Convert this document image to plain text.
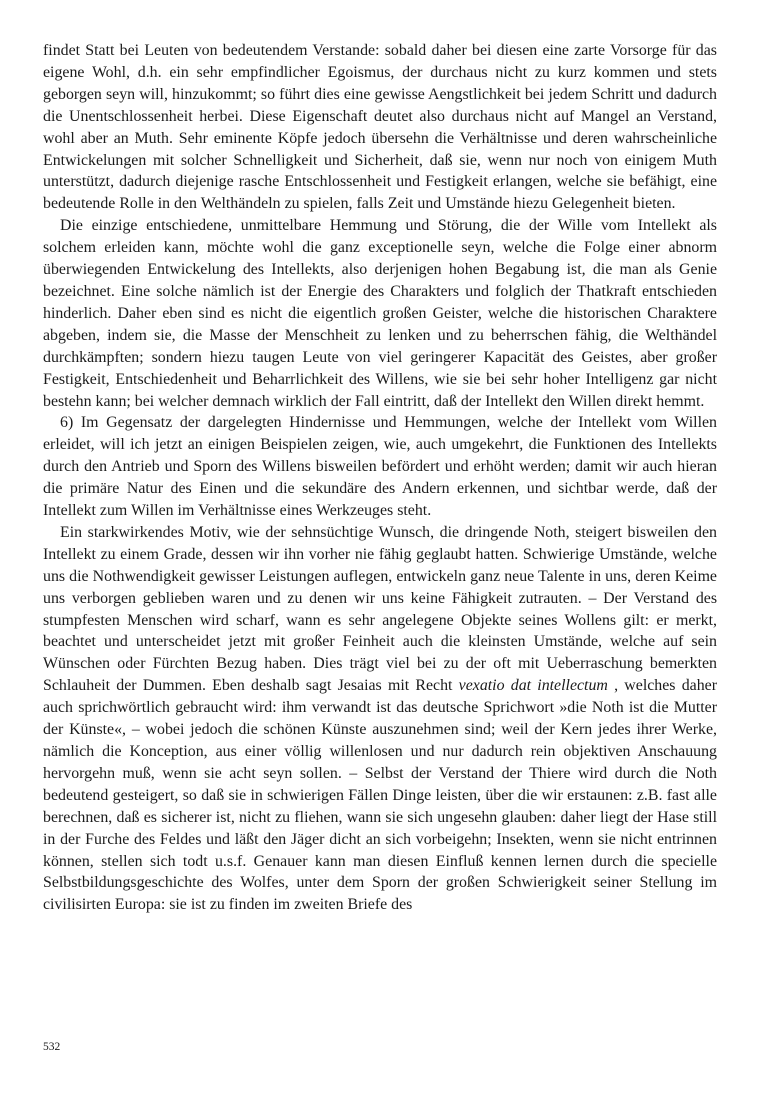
findet Statt bei Leuten von bedeutendem Verstande: sobald daher bei diesen eine zarte Vorsorge für das eigene Wohl, d.h. ein sehr empfindlicher Egoismus, der durchaus nicht zu kurz kommen und stets geborgen seyn will, hinzukommt; so führt dies eine gewisse Aengstlichkeit bei jedem Schritt und dadurch die Unentschlossenheit herbei. Diese Eigenschaft deutet also durchaus nicht auf Mangel an Verstand, wohl aber an Muth. Sehr eminente Köpfe jedoch übersehn die Verhältnisse und deren wahrscheinliche Entwickelungen mit solcher Schnelligkeit und Sicherheit, daß sie, wenn nur noch von einigem Muth unterstützt, dadurch diejenige rasche Entschlossenheit und Festigkeit erlangen, welche sie befähigt, eine bedeutende Rolle in den Welthändeln zu spielen, falls Zeit und Umstände hiezu Gelegenheit bieten.

Die einzige entschiedene, unmittelbare Hemmung und Störung, die der Wille vom Intellekt als solchem erleiden kann, möchte wohl die ganz exceptionelle seyn, welche die Folge einer abnorm überwiegenden Entwickelung des Intellekts, also derjenigen hohen Begabung ist, die man als Genie bezeichnet. Eine solche nämlich ist der Energie des Charakters und folglich der Thatkraft entschieden hinderlich. Daher eben sind es nicht die eigentlich großen Geister, welche die historischen Charaktere abgeben, indem sie, die Masse der Menschheit zu lenken und zu beherrschen fähig, die Welthändel durchkämpften; sondern hiezu taugen Leute von viel geringerer Kapacität des Geistes, aber großer Festigkeit, Entschiedenheit und Beharrlichkeit des Willens, wie sie bei sehr hoher Intelligenz gar nicht bestehn kann; bei welcher demnach wirklich der Fall eintritt, daß der Intellekt den Willen direkt hemmt.

6) Im Gegensatz der dargelegten Hindernisse und Hemmungen, welche der Intellekt vom Willen erleidet, will ich jetzt an einigen Beispielen zeigen, wie, auch umgekehrt, die Funktionen des Intellekts durch den Antrieb und Sporn des Willens bisweilen befördert und erhöht werden; damit wir auch hieran die primäre Natur des Einen und die sekundäre des Andern erkennen, und sichtbar werde, daß der Intellekt zum Willen im Verhältnisse eines Werkzeuges steht.

Ein starkwirkendes Motiv, wie der sehnsüchtige Wunsch, die dringende Noth, steigert bisweilen den Intellekt zu einem Grade, dessen wir ihn vorher nie fähig geglaubt hatten. Schwierige Umstände, welche uns die Nothwendigkeit gewisser Leistungen auflegen, entwickeln ganz neue Talente in uns, deren Keime uns verborgen geblieben waren und zu denen wir uns keine Fähigkeit zutrauten. – Der Verstand des stumpfesten Menschen wird scharf, wann es sehr angelegene Objekte seines Wollens gilt: er merkt, beachtet und unterscheidet jetzt mit großer Feinheit auch die kleinsten Umstände, welche auf sein Wünschen oder Fürchten Bezug haben. Dies trägt viel bei zu der oft mit Ueberraschung bemerkten Schlauheit der Dummen. Eben deshalb sagt Jesaias mit Recht vexatio dat intellectum , welches daher auch sprichwörtlich gebraucht wird: ihm verwandt ist das deutsche Sprichwort »die Noth ist die Mutter der Künste«, – wobei jedoch die schönen Künste auszunehmen sind; weil der Kern jedes ihrer Werke, nämlich die Konception, aus einer völlig willenlosen und nur dadurch rein objektiven Anschauung hervorgehn muß, wenn sie acht seyn sollen. – Selbst der Verstand der Thiere wird durch die Noth bedeutend gesteigert, so daß sie in schwierigen Fällen Dinge leisten, über die wir erstaunen: z.B. fast alle berechnen, daß es sicherer ist, nicht zu fliehen, wann sie sich ungesehn glauben: daher liegt der Hase still in der Furche des Feldes und läßt den Jäger dicht an sich vorbeigehn; Insekten, wenn sie nicht entrinnen können, stellen sich todt u.s.f. Genauer kann man diesen Einfluß kennen lernen durch die specielle Selbstbildungsgeschichte des Wolfes, unter dem Sporn der großen Schwierigkeit seiner Stellung im civilisirten Europa: sie ist zu finden im zweiten Briefe des

532
